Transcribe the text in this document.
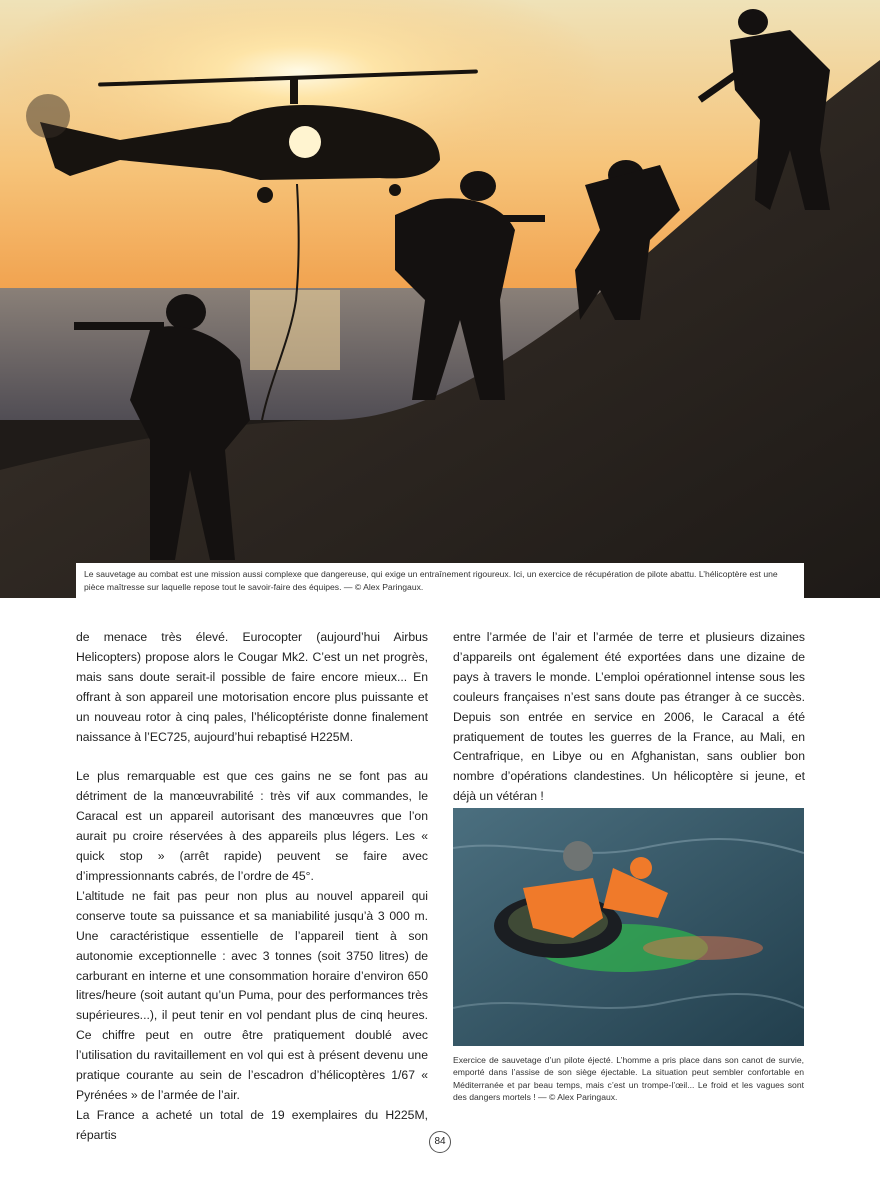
Le sauvetage au combat est une mission aussi complexe que dangereuse, qui exige un entraînement rigoureux. Ici, un exercice de récupération de pilote abattu. L’hélicoptère est une pièce maîtresse sur laquelle repose tout le savoir-faire des équipes. — © Alex Paringaux.

de menace très élevé. Eurocopter (aujourd’hui Airbus Helicopters) propose alors le Cougar Mk2. C’est un net progrès, mais sans doute serait-il possible de faire encore mieux... En offrant à son appareil une motorisation encore plus puissante et un nouveau rotor à cinq pales, l’hélicoptériste donne finalement naissance à l’EC725, aujourd’hui rebaptisé H225M.

Le plus remarquable est que ces gains ne se font pas au détriment de la manœuvrabilité : très vif aux commandes, le Caracal est un appareil autorisant des manœuvres que l’on aurait pu croire réservées à des appareils plus légers. Les « quick stop » (arrêt rapide) peuvent se faire avec d’impressionnants cabrés, de l’ordre de 45°.

L’altitude ne fait pas peur non plus au nouvel appareil qui conserve toute sa puissance et sa maniabilité jusqu’à 3 000 m. Une caractéristique essentielle de l’appareil tient à son autonomie exceptionnelle : avec 3 tonnes (soit 3750 litres) de carburant en interne et une consommation horaire d’environ 650 litres/heure (soit autant qu’un Puma, pour des performances très supérieures...), il peut tenir en vol pendant plus de cinq heures. Ce chiffre peut en outre être pratiquement doublé avec l’utilisation du ravitaillement en vol qui est à présent devenu une pratique courante au sein de l’escadron d’hélicoptères 1/67 « Pyrénées » de l’armée de l’air.

La France a acheté un total de 19 exemplaires du H225M, répartis

entre l’armée de l’air et l’armée de terre et plusieurs dizaines d’appareils ont également été exportées dans une dizaine de pays à travers le monde. L’emploi opérationnel intense sous les couleurs françaises n’est sans doute pas étranger à ce succès. Depuis son entrée en service en 2006, le Caracal a été pratiquement de toutes les guerres de la France, au Mali, en Centrafrique, en Libye ou en Afghanistan, sans oublier bon nombre d’opérations clandestines. Un hélicoptère si jeune, et déjà un vétéran !

Exercice de sauvetage d’un pilote éjecté. L’homme a pris place dans son canot de survie, emporté dans l’assise de son siège éjectable. La situation peut sembler confortable en Méditerranée et par beau temps, mais c’est un trompe-l’œil... Le froid et les vagues sont des dangers mortels ! — © Alex Paringaux.
84
